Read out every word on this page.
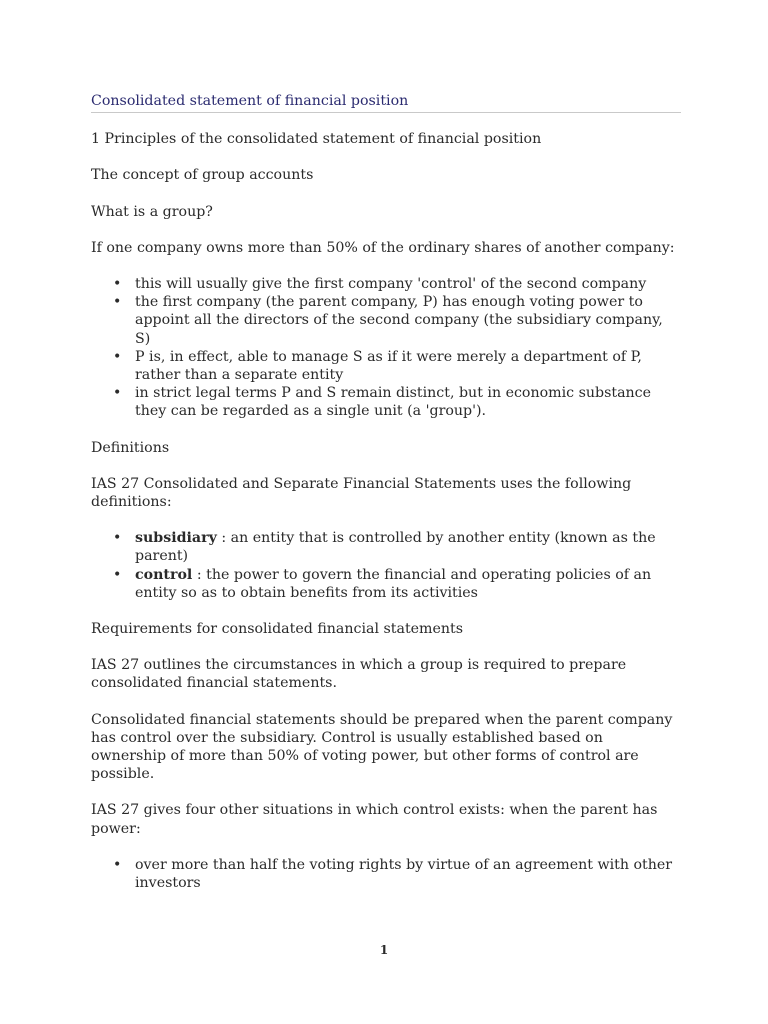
Consolidated statement of financial position

1 Principles of the consolidated statement of financial position

The concept of group accounts

What is a group?

If one company owns more than 50% of the ordinary shares of another company:

• this will usually give the first company 'control' of the second company
• the first company (the parent company, P) has enough voting power to appoint all the directors of the second company (the subsidiary company, S)
• P is, in effect, able to manage S as if it were merely a department of P, rather than a separate entity
• in strict legal terms P and S remain distinct, but in economic substance they can be regarded as a single unit (a 'group').

Definitions

IAS 27 Consolidated and Separate Financial Statements uses the following definitions:

• subsidiary : an entity that is controlled by another entity (known as the parent)
• control : the power to govern the financial and operating policies of an entity so as to obtain benefits from its activities

Requirements for consolidated financial statements

IAS 27 outlines the circumstances in which a group is required to prepare consolidated financial statements.

Consolidated financial statements should be prepared when the parent company has control over the subsidiary. Control is usually established based on ownership of more than 50% of voting power, but other forms of control are possible.

IAS 27 gives four other situations in which control exists: when the parent has power:

• over more than half the voting rights by virtue of an agreement with other investors
1
